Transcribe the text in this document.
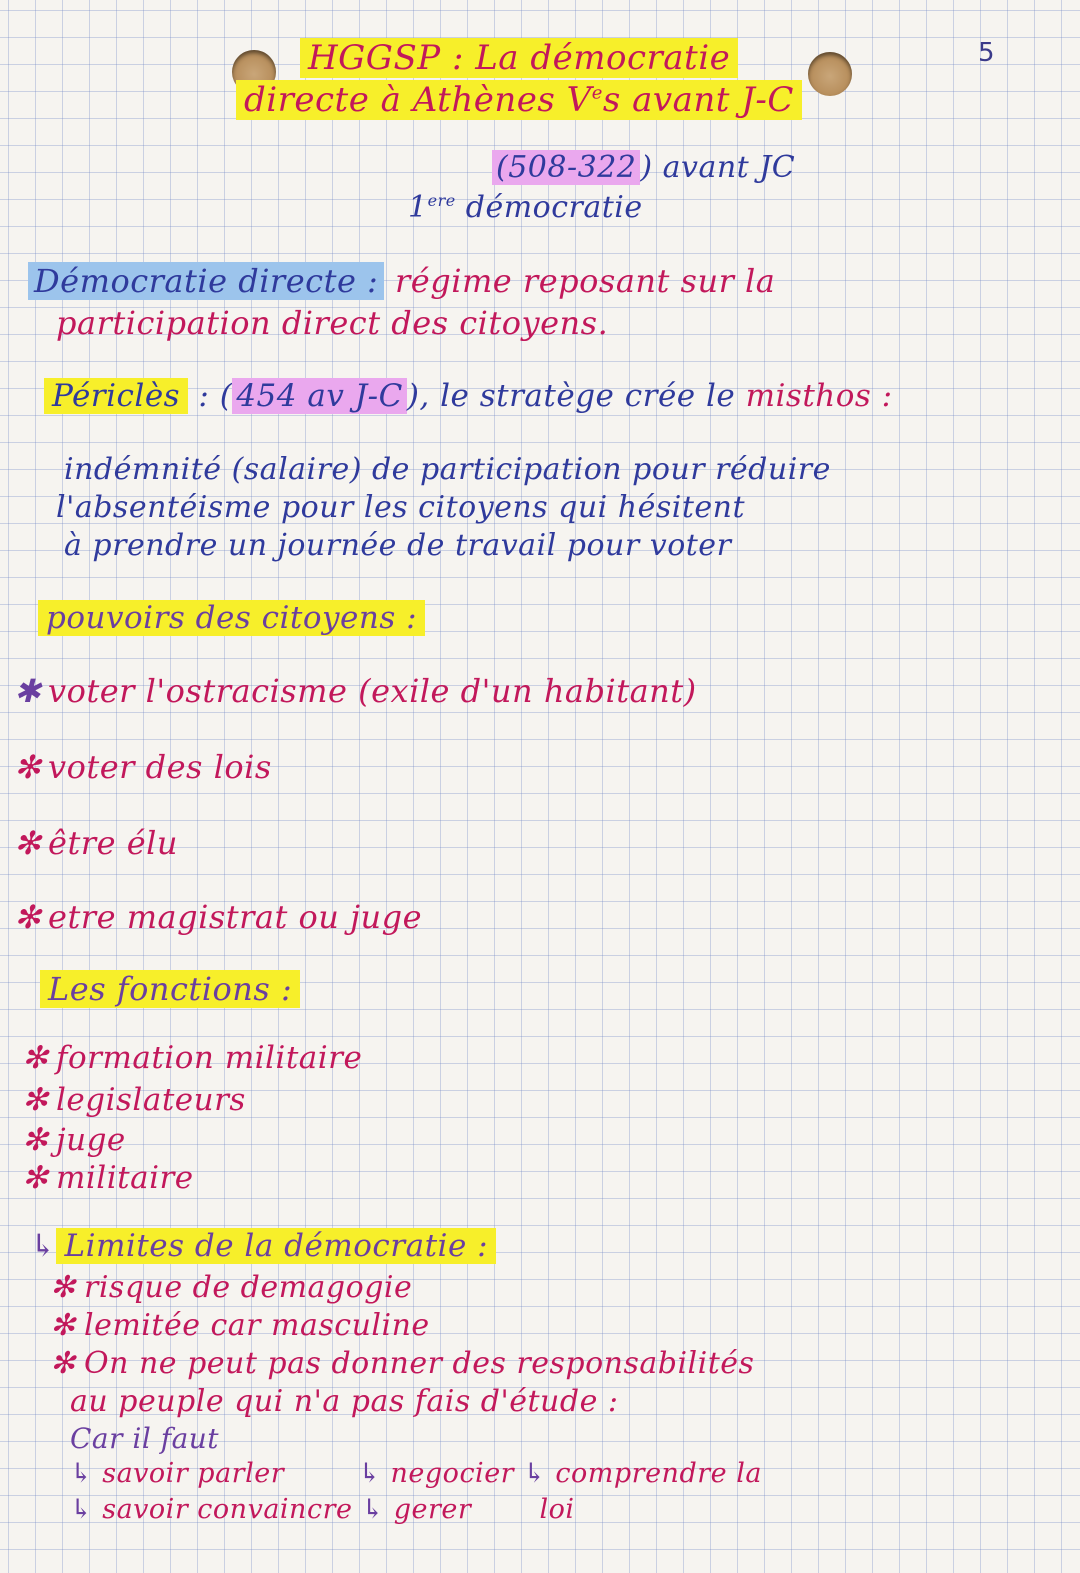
5
HGGSP : La démocratie
directe à Athènes Ves avant J-C
(508-322 ) avant JC
1ere démocratie
Démocratie directe : régime reposant sur la
participation direct des citoyens.
Périclès : ( 454 av J-C ), le stratège crée le misthos :
indémnité (salaire) de participation pour réduire
l'absentéisme pour les citoyens qui hésitent
à prendre un journée de travail pour voter
pouvoirs des citoyens :
✱ voter l'ostracisme (exile d'un habitant)
✻ voter des lois
✻ être élu
✻ etre magistrat ou juge
Les fonctions :
✻ formation militaire
✻ legislateurs
✻ juge
✻ militaire
↳ Limites de la démocratie :
✻ risque de demagogie
✻ lemitée car masculine
✻ On ne peut pas donner des responsabilités
au peuple qui n'a pas fais d'étude :
Car il faut
↳ savoir parler	↳ negocier ↳ comprendre la
↳ savoir convaincre ↳ gerer	loi
